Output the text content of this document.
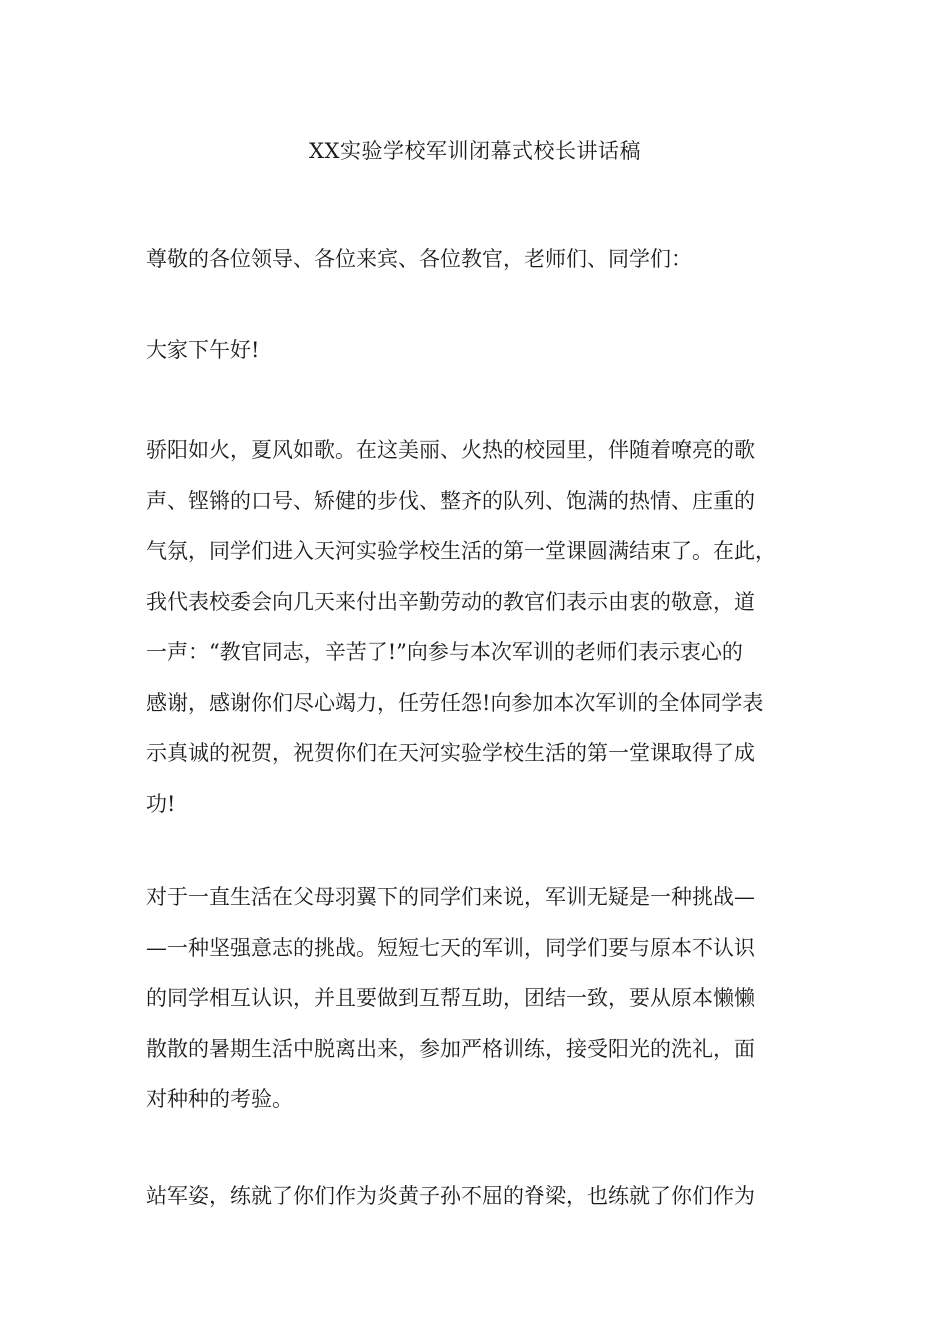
XX实验学校军训闭幕式校长讲话稿

尊敬的各位领导、各位来宾、各位教官，老师们、同学们：

大家下午好!

骄阳如火，夏风如歌。在这美丽、火热的校园里，伴随着嘹亮的歌
声、铿锵的口号、矫健的步伐、整齐的队列、饱满的热情、庄重的
气氛，同学们进入天河实验学校生活的第一堂课圆满结束了。在此，
我代表校委会向几天来付出辛勤劳动的教官们表示由衷的敬意，道
一声：“教官同志，辛苦了!”向参与本次军训的老师们表示衷心的
感谢，感谢你们尽心竭力，任劳任怨!向参加本次军训的全体同学表
示真诚的祝贺，祝贺你们在天河实验学校生活的第一堂课取得了成
功!

对于一直生活在父母羽翼下的同学们来说，军训无疑是一种挑战—
—一种坚强意志的挑战。短短七天的军训，同学们要与原本不认识
的同学相互认识，并且要做到互帮互助，团结一致，要从原本懒懒
散散的暑期生活中脱离出来，参加严格训练，接受阳光的洗礼，面
对种种的考验。

站军姿，练就了你们作为炎黄子孙不屈的脊梁，也练就了你们作为
